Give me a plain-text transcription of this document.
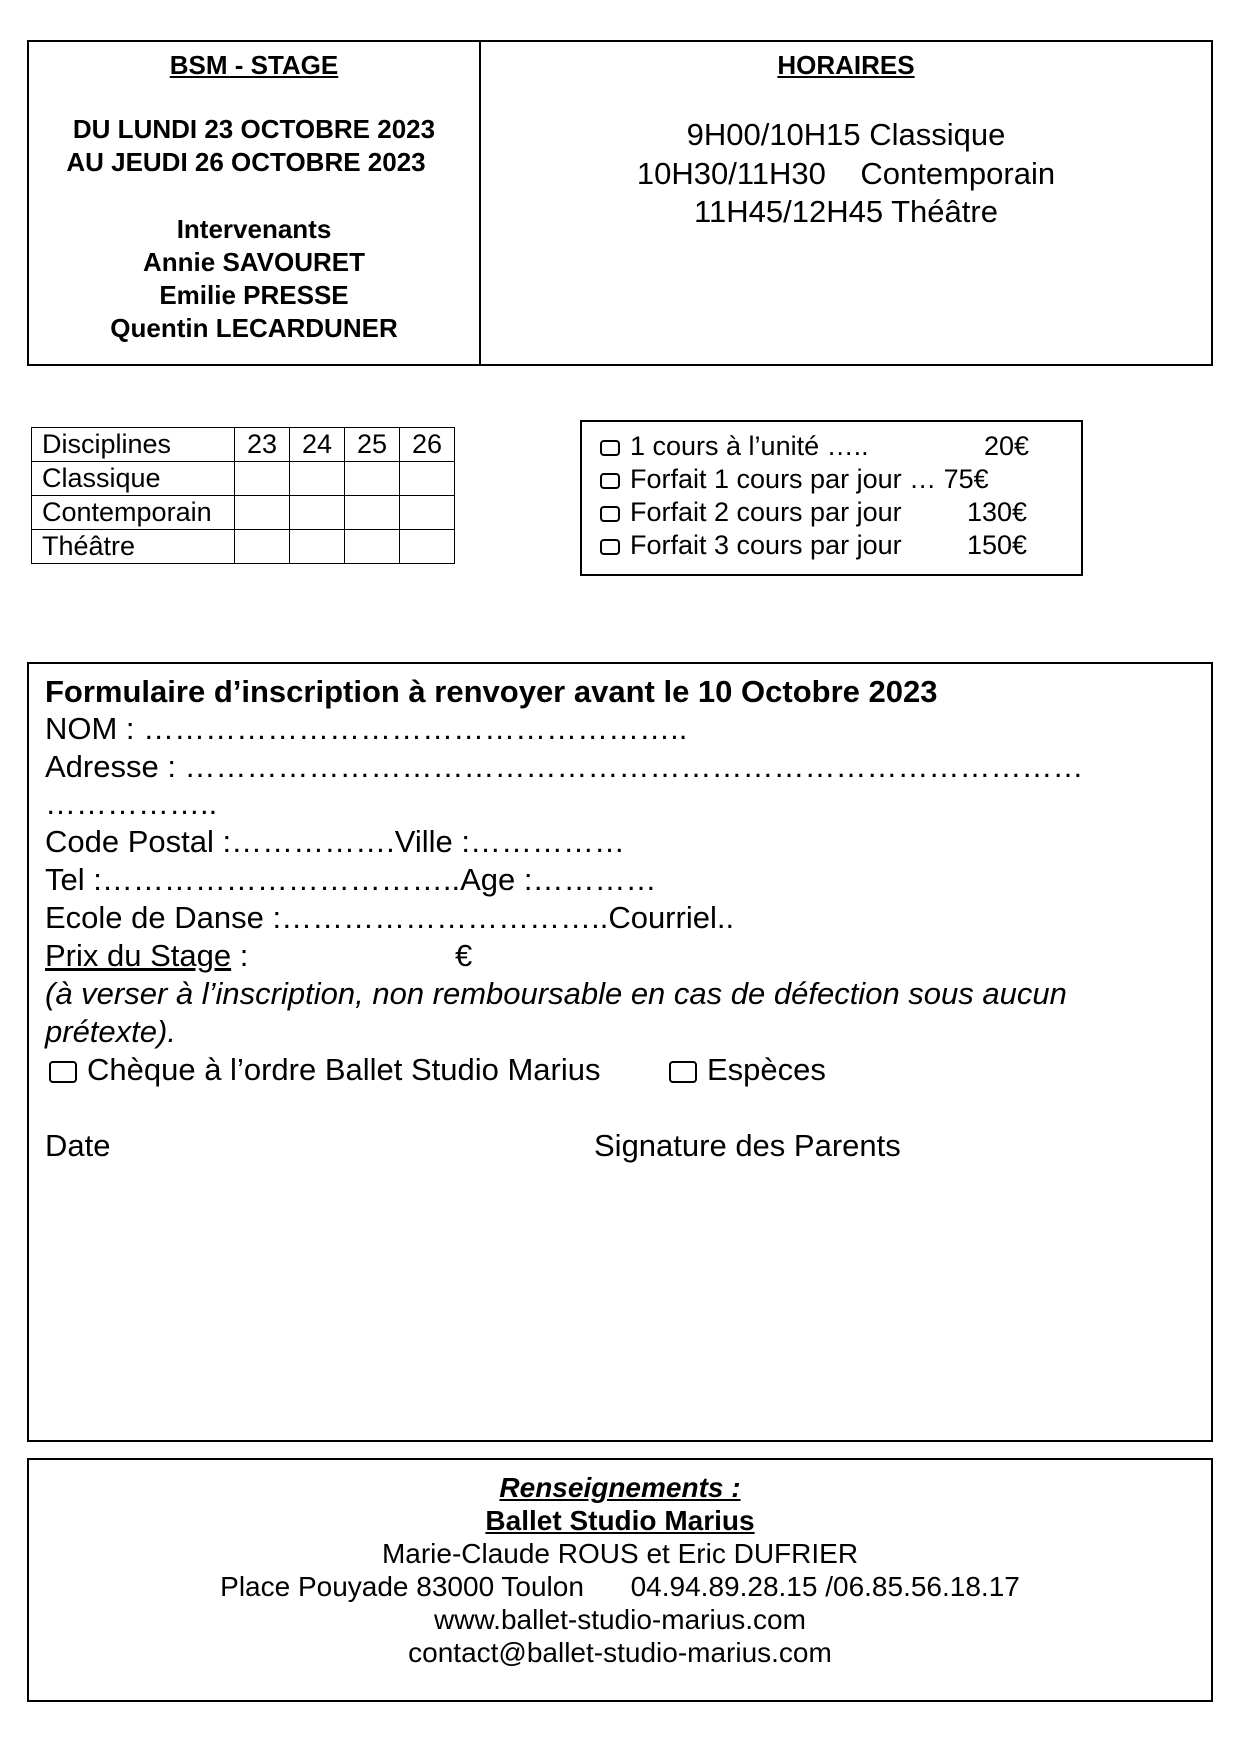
BSM - STAGE
DU LUNDI 23 OCTOBRE 2023
AU JEUDI 26 OCTOBRE 2023
Intervenants
Annie SAVOURET
Emilie PRESSE
Quentin LECARDUNER
HORAIRES
9H00/10H15 Classique
10H30/11H30    Contemporain
11H45/12H45 Théâtre
Disciplines	23	24	25	26
Classique				
Contemporain				
Théâtre				
1 cours à l’unité …..	20€
Forfait 1 cours par jour … 75€
Forfait 2 cours par jour 130€
Forfait 3 cours par jour 150€
Formulaire d’inscription à renvoyer avant le 10 Octobre 2023
NOM : ……………………………………………..
Adresse : ……………………………………………………………………………
……………..
Code Postal :…………….Ville :……………
Tel :……………………………..Age :…………
Ecole de Danse :…………………………..Courriel..
Prix du Stage :	€
(à verser à l’inscription, non remboursable en cas de défection sous aucun
prétexte).
Chèque à l’ordre Ballet Studio Marius	Espèces
Date	Signature des Parents
Renseignements :
Ballet Studio Marius
Marie-Claude ROUS et Eric DUFRIER
Place Pouyade 83000 Toulon      04.94.89.28.15 /06.85.56.18.17
www.ballet-studio-marius.com
contact@ballet-studio-marius.com
